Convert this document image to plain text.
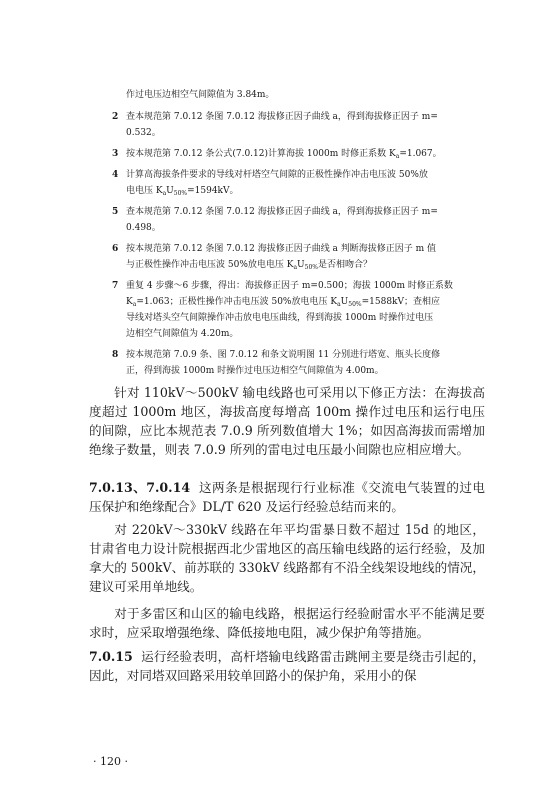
作过电压边相空气间隙值为 3.84m。
2 查本规范第 7.0.12 条图 7.0.12 海拔修正因子曲线 a，得到海拔修正因子 m=
0.532。
3 按本规范第 7.0.12 条公式(7.0.12)计算海拔 1000m 时修正系数 $K_a=1.067$。
4 计算高海拔条件要求的导线对杆塔空气间隙的正极性操作冲击电压波 50%放
电电压 $K_aU_{50\%}=1594kV$。
5 查本规范第 7.0.12 条图 7.0.12 海拔修正因子曲线 a，得到海拔修正因子 m=
0.498。
6 按本规范第 7.0.12 条图 7.0.12 海拔修正因子曲线 a 判断海拔修正因子 m 值
与正极性操作冲击电压波 50%放电电压 $K_aU_{50\%}$是否相吻合？
7 重复 4 步骤～6 步骤，得出：海拔修正因子 m=0.500；海拔 1000m 时修正系数
$K_a=1.063$；正极性操作冲击电压波 50%放电电压 $K_aU_{50\%}=1588kV$；查相应
导线对塔头空气间隙操作冲击放电电压曲线，得到海拔 1000m 时操作过电压
边相空气间隙值为 4.20m。
8 按本规范第 7.0.9 条、图 7.0.12 和条文说明图 11 分别进行塔宽、瓶头长度修
正，得到海拔 1000m 时操作过电压边相空气间隙值为 4.00m。
针对 110kV～500kV 输电线路也可采用以下修正方法：在海拔高度超过 1000m 地区，海拔高度每增高 100m 操作过电压和运行电压的间隙，应比本规范表 7.0.9 所列数值增大 1%；如因高海拔而需增加绝缘子数量，则表 7.0.9 所列的雷电过电压最小间隙也应相应增大。
7.0.13、7.0.14 这两条是根据现行行业标准《交流电气装置的过电压保护和绝缘配合》DL/T 620 及运行经验总结而来的。
对 220kV～330kV 线路在年平均雷暴日数不超过 15d 的地区，甘肃省电力设计院根据西北少雷地区的高压输电线路的运行经验，及加拿大的 500kV、前苏联的 330kV 线路都有不沿全线架设地线的情况，建议可采用单地线。
对于多雷区和山区的输电线路，根据运行经验耐雷水平不能满足要求时，应采取增强绝缘、降低接地电阻，减少保护角等措施。
7.0.15 运行经验表明，高杆塔输电线路雷击跳闸主要是绕击引起的，因此，对同塔双回路采用较单回路小的保护角，采用小的保
· 120 ·
